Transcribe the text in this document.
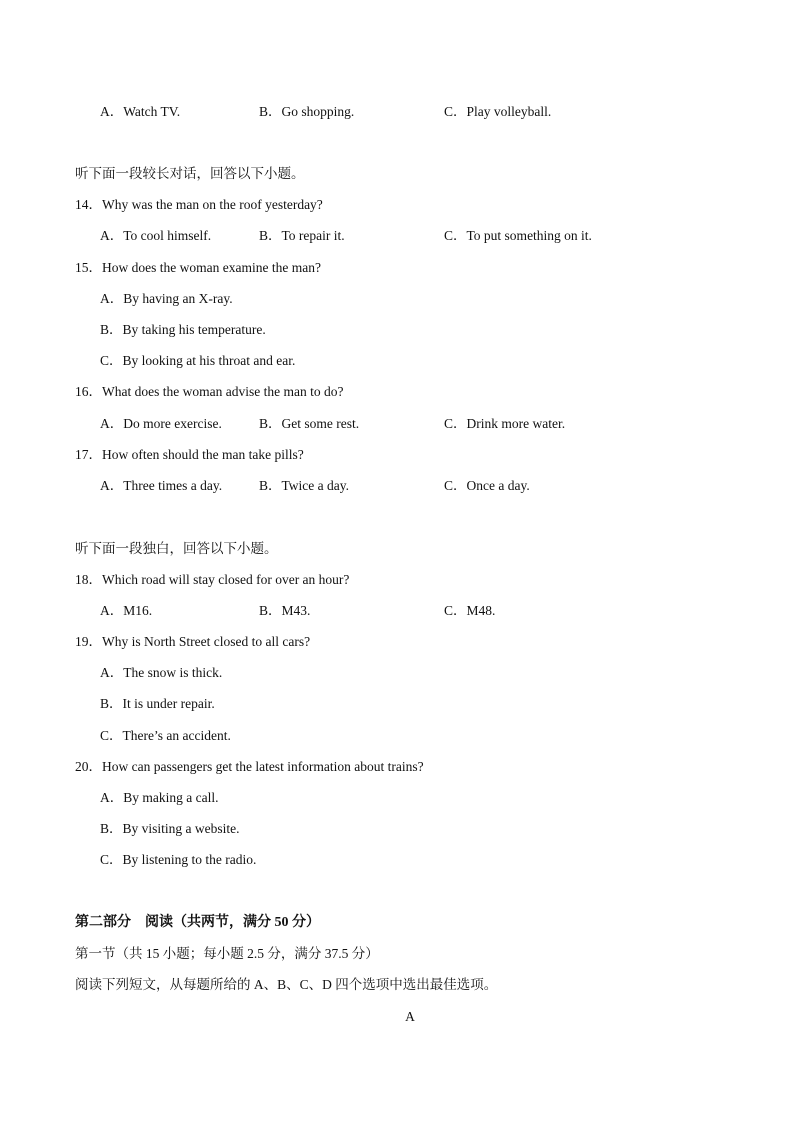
A．Watch TV.	B．Go shopping.	C．Play volleyball.
听下面一段较长对话，回答以下小题。
14．Why was the man on the roof yesterday?
A．To cool himself.	B．To repair it.	C．To put something on it.
15．How does the woman examine the man?
A．By having an X-ray.
B．By taking his temperature.
C．By looking at his throat and ear.
16．What does the woman advise the man to do?
A．Do more exercise.	B．Get some rest.	C．Drink more water.
17．How often should the man take pills?
A．Three times a day.	B．Twice a day.	C．Once a day.
听下面一段独白，回答以下小题。
18．Which road will stay closed for over an hour?
A．M16.	B．M43.	C．M48.
19．Why is North Street closed to all cars?
A．The snow is thick.
B．It is under repair.
C．There’s an accident.
20．How can passengers get the latest information about trains?
A．By making a call.
B．By visiting a website.
C．By listening to the radio.
第二部分　阅读（共两节，满分 50 分）
第一节（共 15 小题；每小题 2.5 分，满分 37.5 分）
阅读下列短文，从每题所给的 A、B、C、D 四个选项中选出最佳选项。
A
